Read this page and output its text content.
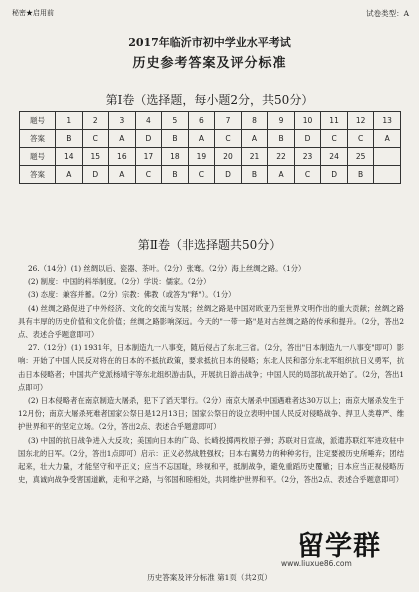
秘密★启用前	试卷类型：A
2017年临沂市初中学业水平考试
历史参考答案及评分标准
第Ⅰ卷（选择题，每小题2分，共50分）
题号	1	2	3	4	5	6	7	8	9	10	11	12	13
答案	B	C	A	D	B	A	C	A	B	D	C	C	A
题号	14	15	16	17	18	19	20	21	22	23	24	25	
答案	A	D	A	C	B	C	D	B	A	C	D	B	
第Ⅱ卷（非选择题共50分）

26.（14分）(1) 丝绸以后、瓷器、茶叶。（2分）张骞。（2分）海上丝绸之路。（1分）

(2) 制度：中国的科举制度。（2分）学说：儒家。（2分）

(3) 态度：兼容并蓄。（2分）宗教：佛教（或答为"释"）。（1分）

(4) 丝绸之路促进了中外经济、文化的交流与发展；丝绸之路是中国对欧亚乃至世界文明作出的重大贡献；丝绸之路具有丰厚的历史价值和文化价值；丝绸之路影响深远。今天的"一带一路"是对古丝绸之路的传承和提升。（2分，答出2点、表述合乎题意即可）

27.（12分）(1) 1931年，日本制造九一八事变，随后侵占了东北三省。（2分，答出"日本制造九一八事变"即可）影响：开始了中国人民反对将在的日本的不抵抗政策，要求抵抗日本的侵略；东北人民和部分东北军组织抗日义勇军，抗击日本侵略者；中国共产党派杨靖宇等东北组织游击队，开展抗日游击战争；中国人民的局部抗战开始了。（2分，答出1点即可）

(2) 日本侵略者在南京制造大屠杀，犯下了滔天罪行。（2分）南京大屠杀中国遇难者达30万以上；南京大屠杀发生于12月份；南京大屠杀死难者国家公祭日是12月13日；国家公祭日的设立表明中国人民反对侵略战争、捍卫人类尊严、维护世界和平的坚定立场。（2分，答出2点、表述合乎题意即可）

(3) 中国的抗日战争进入大反攻；美国向日本的广岛、长崎投掷两枚原子弹；苏联对日宣战，派遣苏联红军进攻驻中国东北的日军。（2分，答出1点即可）启示：正义必然战胜强权；日本右翼势力的种种劣行，注定要被历史所唾弃；团结起来，壮大力量，才能坚守和平正义；应当不忘国耻，珍视和平，抵制战争，避免重蹈历史覆辙；日本应当正视侵略历史，真诚向战争受害国道歉，走和平之路，与邻国和睦相处，共同维护世界和平。（2分，答出2点、表述合乎题意即可）

历史答案及评分标准 第1页（共2页）
留学群
www.liuxue86.com
